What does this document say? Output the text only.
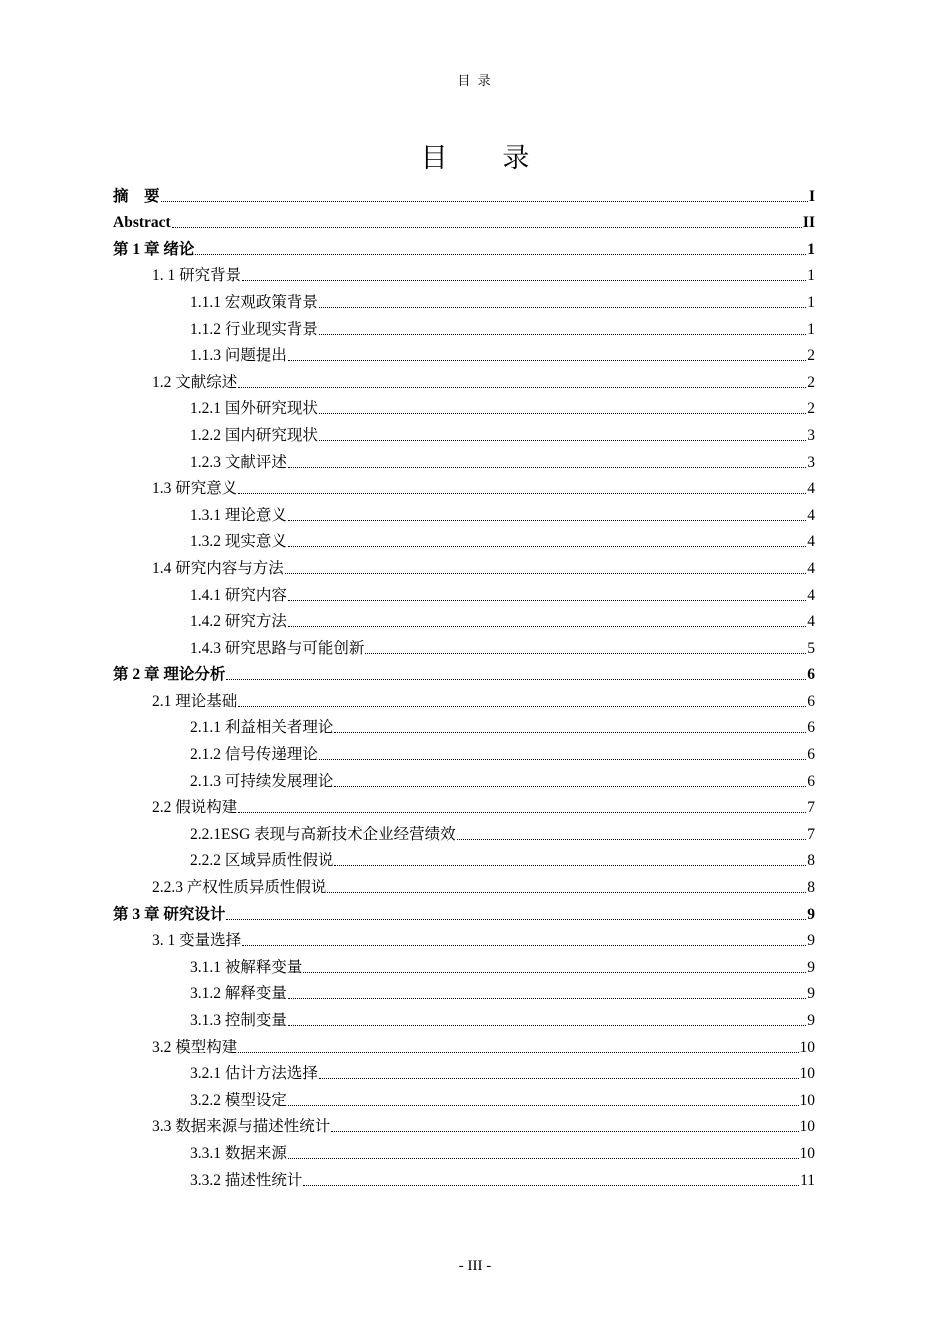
目 录
目 录
摘　要	I
Abstract	II
第 1 章 绪论	1
1. 1 研究背景	1
1.1.1 宏观政策背景	1
1.1.2 行业现实背景	1
1.1.3 问题提出	2
1.2 文献综述	2
1.2.1 国外研究现状	2
1.2.2 国内研究现状	3
1.2.3 文献评述	3
1.3 研究意义	4
1.3.1 理论意义	4
1.3.2 现实意义	4
1.4 研究内容与方法	4
1.4.1 研究内容	4
1.4.2 研究方法	4
1.4.3 研究思路与可能创新	5
第 2 章 理论分析	6
2.1 理论基础	6
2.1.1 利益相关者理论	6
2.1.2 信号传递理论	6
2.1.3 可持续发展理论	6
2.2 假说构建	7
2.2.1ESG 表现与高新技术企业经营绩效	7
2.2.2 区域异质性假说	8
2.2.3 产权性质异质性假说	8
第 3 章 研究设计	9
3. 1 变量选择	9
3.1.1 被解释变量	9
3.1.2 解释变量	9
3.1.3 控制变量	9
3.2 模型构建	10
3.2.1 估计方法选择	10
3.2.2 模型设定	10
3.3 数据来源与描述性统计	10
3.3.1 数据来源	10
3.3.2 描述性统计	11
- III -
